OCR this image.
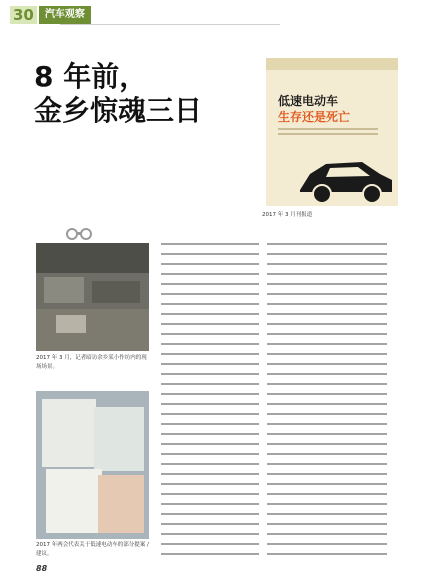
30	汽车观察
8 年前，
金乡惊魂三日	低速电动车
生存还是死亡
2017 年 3 月刊报道
2017 年 3 月，记者暗访余乡某小作坊内的现场场景。
2017 年两会代表关于低速电动车的部分提案 / 建议。
88
